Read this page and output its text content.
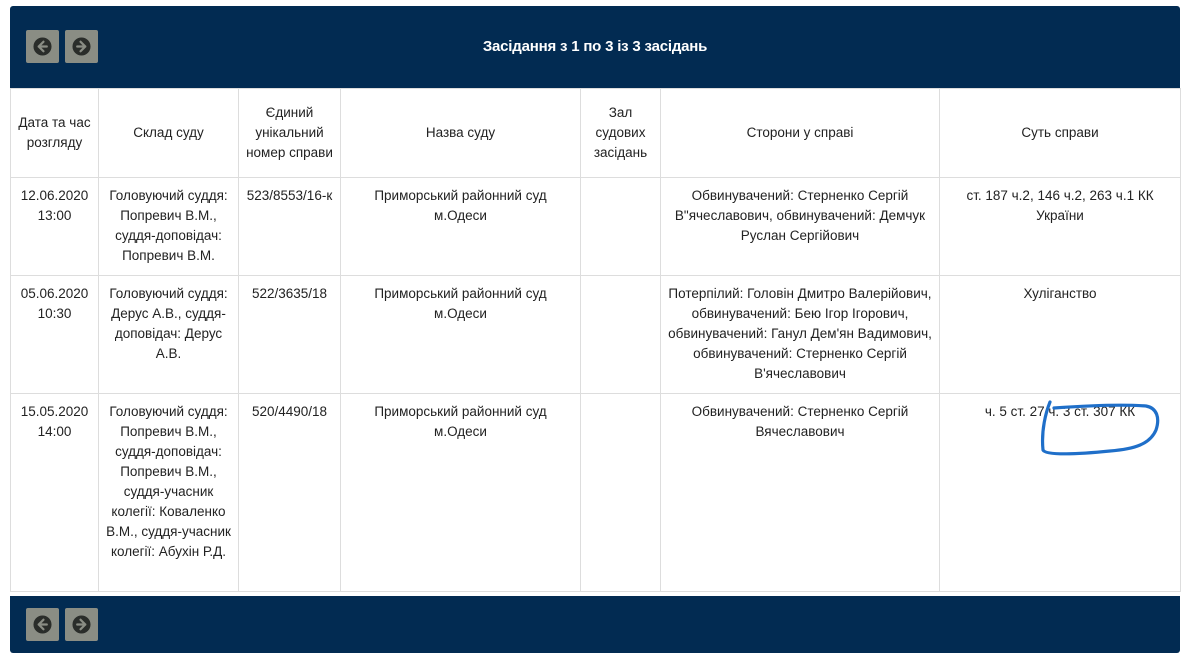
Засідання з 1 по 3 із 3 засідань
Дата та час розгляду	Склад суду	Єдиний унікальний номер справи	Назва суду	Зал судових засідань	Сторони у справі	Суть справи
12.06.2020 13:00	Головуючий суддя: Попревич В.М., суддя-доповідач: Попревич В.М.	523/8553/16-к	Приморський районний суд м.Одеси		Обвинувачений: Стерненко Сергій В"ячеславович, обвинувачений: Демчук Руслан Сергійович	ст. 187 ч.2, 146 ч.2, 263 ч.1 КК України
05.06.2020 10:30	Головуючий суддя: Дерус А.В., суддя-доповідач: Дерус А.В.	522/3635/18	Приморський районний суд м.Одеси		Потерпілий: Головін Дмитро Валерійович, обвинувачений: Бею Ігор Ігорович, обвинувачений: Ганул Дем'ян Вадимович, обвинувачений: Стерненко Сергій В'ячеславович	Хуліганство
15.05.2020 14:00	Головуючий суддя: Попревич В.М., суддя-доповідач: Попревич В.М., суддя-учасник колегії: Коваленко В.М., суддя-учасник колегії: Абухін Р.Д.	520/4490/18	Приморський районний суд м.Одеси		Обвинувачений: Стерненко Сергій Вячеславович	ч. 5 ст. 27 ч. 3 ст. 307 КК
